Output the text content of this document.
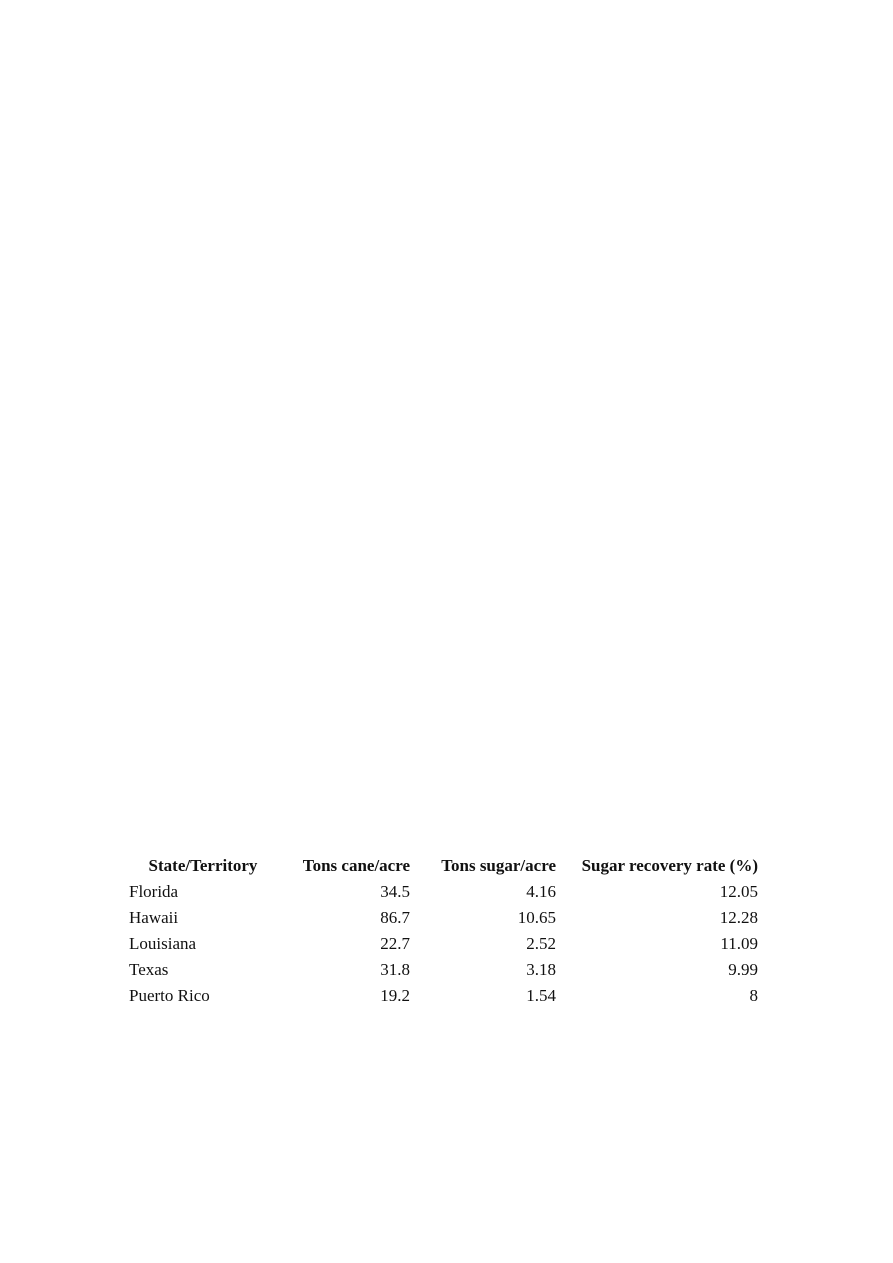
State/Territory	Tons cane/acre	Tons sugar/acre	Sugar recovery rate (%)
Florida	34.5	4.16	12.05
Hawaii	86.7	10.65	12.28
Louisiana	22.7	2.52	11.09
Texas	31.8	3.18	9.99
Puerto Rico	19.2	1.54	8
